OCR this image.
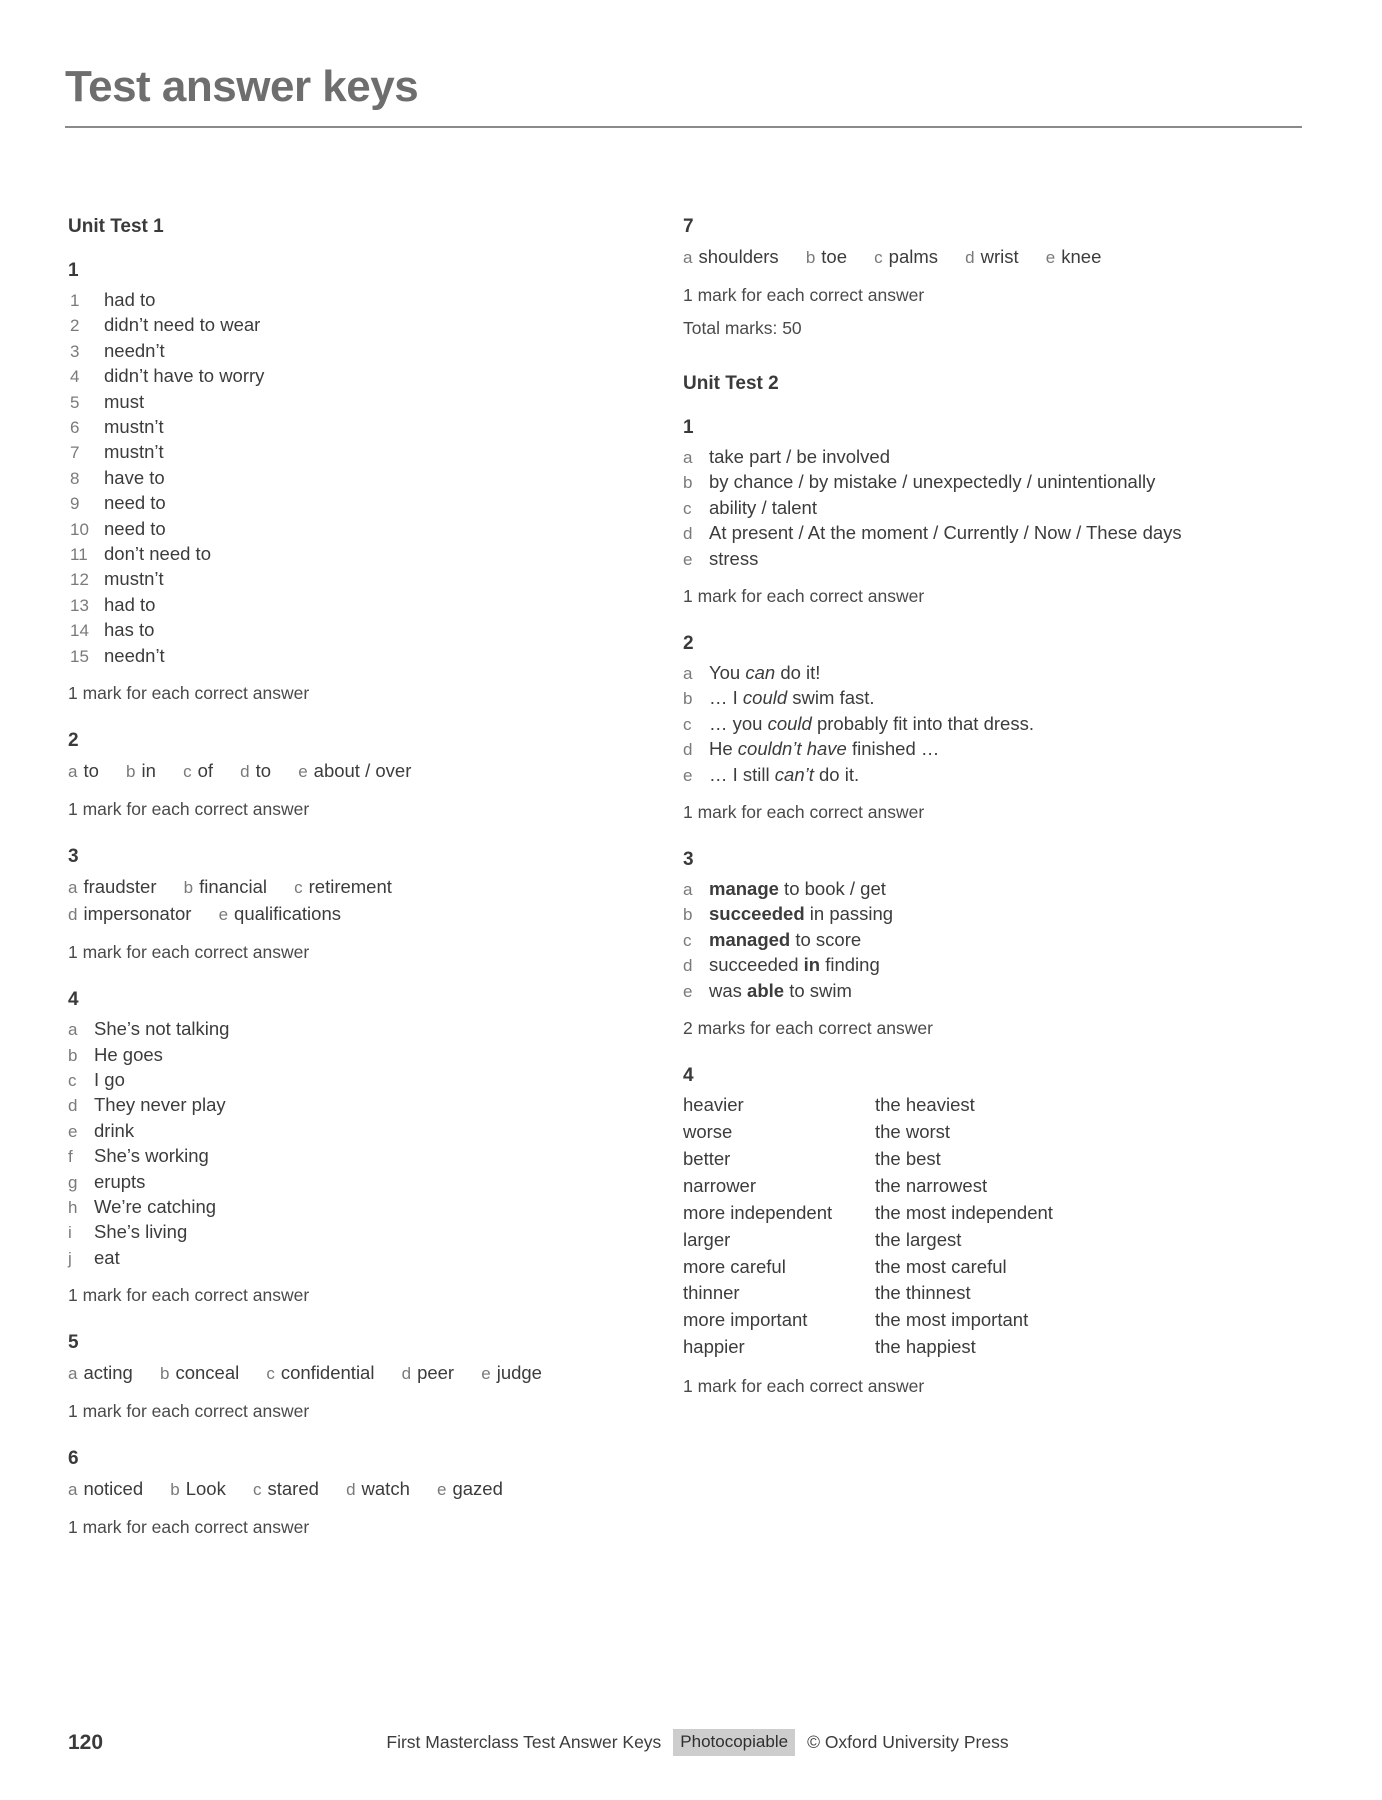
Test answer keys
Unit Test 1
1
1	had to
2	didn’t need to wear
3	needn’t
4	didn’t have to worry
5	must
6	mustn’t
7	mustn’t
8	have to
9	need to
10 need to
11 don’t need to
12 mustn’t
13 had to
14 has to
15 needn’t
1 mark for each correct answer
2
a to b in c of d to e about / over
1 mark for each correct answer
3
a fraudster b financial c retirement
d impersonator e qualifications
1 mark for each correct answer
4
a She’s not talking
b He goes
c I go
d They never play
e drink
f	She’s working
g erupts
h We’re catching
i	She’s living
j	eat
1 mark for each correct answer
5
a acting b conceal c confidential d peer e judge
1 mark for each correct answer
6
a noticed b Look c stared d watch e gazed
1 mark for each correct answer
7
a shoulders b toe c palms d wrist e knee
1 mark for each correct answer
Total marks: 50
Unit Test 2
1
a take part / be involved
b by chance / by mistake / unexpectedly / unintentionally
c ability / talent
d At present / At the moment / Currently / Now / These days
e stress
1 mark for each correct answer
2
a You can do it!
b … I could swim fast.
c … you could probably fit into that dress.
d He couldn’t have finished …
e … I still can’t do it.
1 mark for each correct answer
3
a manage to book / get
b succeeded in passing
c managed to score
d succeeded in finding
e was able to swim
2 marks for each correct answer
4
heavier	the heaviest
worse	the worst
better	the best
narrower	the narrowest
more independent	the most independent
larger	the largest
more careful	the most careful
thinner	the thinnest
more important	the most important
happier	the happiest
1 mark for each correct answer
120	First Masterclass Test Answer Keys	Photocopiable	© Oxford University Press
